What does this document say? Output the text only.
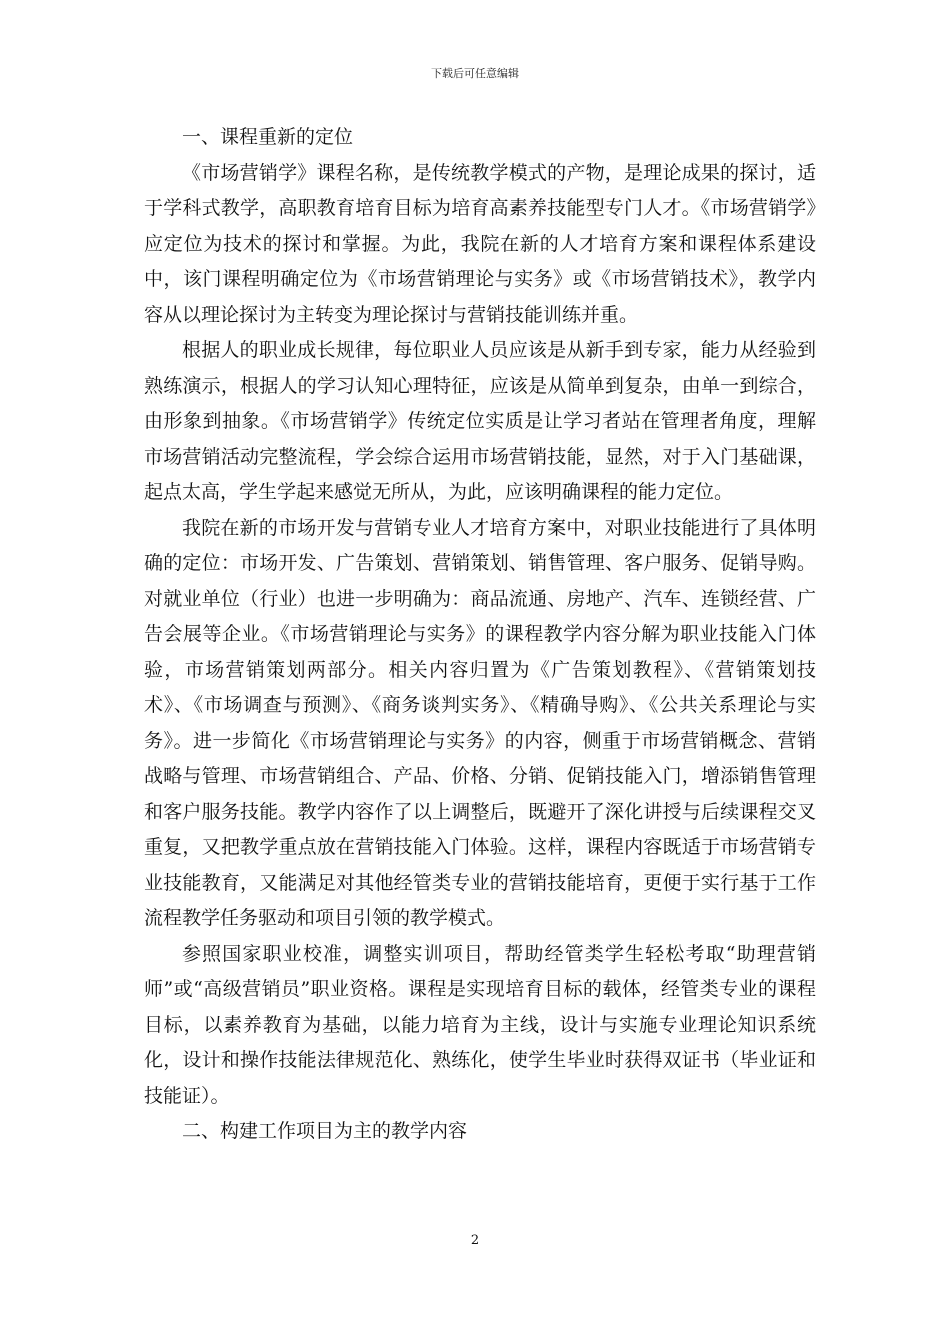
下载后可任意编辑

一、课程重新的定位

《市场营销学》课程名称，是传统教学模式的产物，是理论成果的探讨，适于学科式教学，高职教育培育目标为培育高素养技能型专门人才。《市场营销学》应定位为技术的探讨和掌握。为此，我院在新的人才培育方案和课程体系建设中，该门课程明确定位为《市场营销理论与实务》或《市场营销技术》，教学内容从以理论探讨为主转变为理论探讨与营销技能训练并重。

根据人的职业成长规律，每位职业人员应该是从新手到专家，能力从经验到熟练演示，根据人的学习认知心理特征，应该是从简单到复杂，由单一到综合，由形象到抽象。《市场营销学》传统定位实质是让学习者站在管理者角度，理解市场营销活动完整流程，学会综合运用市场营销技能，显然，对于入门基础课，起点太高，学生学起来感觉无所从，为此，应该明确课程的能力定位。

我院在新的市场开发与营销专业人才培育方案中，对职业技能进行了具体明确的定位：市场开发、广告策划、营销策划、销售管理、客户服务、促销导购。对就业单位（行业）也进一步明确为：商品流通、房地产、汽车、连锁经营、广告会展等企业。《市场营销理论与实务》的课程教学内容分解为职业技能入门体验，市场营销策划两部分。相关内容归置为《广告策划教程》、《营销策划技术》、《市场调查与预测》、《商务谈判实务》、《精确导购》、《公共关系理论与实务》。进一步简化《市场营销理论与实务》的内容，侧重于市场营销概念、营销战略与管理、市场营销组合、产品、价格、分销、促销技能入门，增添销售管理和客户服务技能。教学内容作了以上调整后，既避开了深化讲授与后续课程交叉重复，又把教学重点放在营销技能入门体验。这样，课程内容既适于市场营销专业技能教育，又能满足对其他经管类专业的营销技能培育，更便于实行基于工作流程教学任务驱动和项目引领的教学模式。

参照国家职业校准，调整实训项目，帮助经管类学生轻松考取“助理营销师”或“高级营销员”职业资格。课程是实现培育目标的载体，经管类专业的课程目标，以素养教育为基础，以能力培育为主线，设计与实施专业理论知识系统化，设计和操作技能法律规范化、熟练化，使学生毕业时获得双证书（毕业证和技能证）。

二、构建工作项目为主的教学内容

2
